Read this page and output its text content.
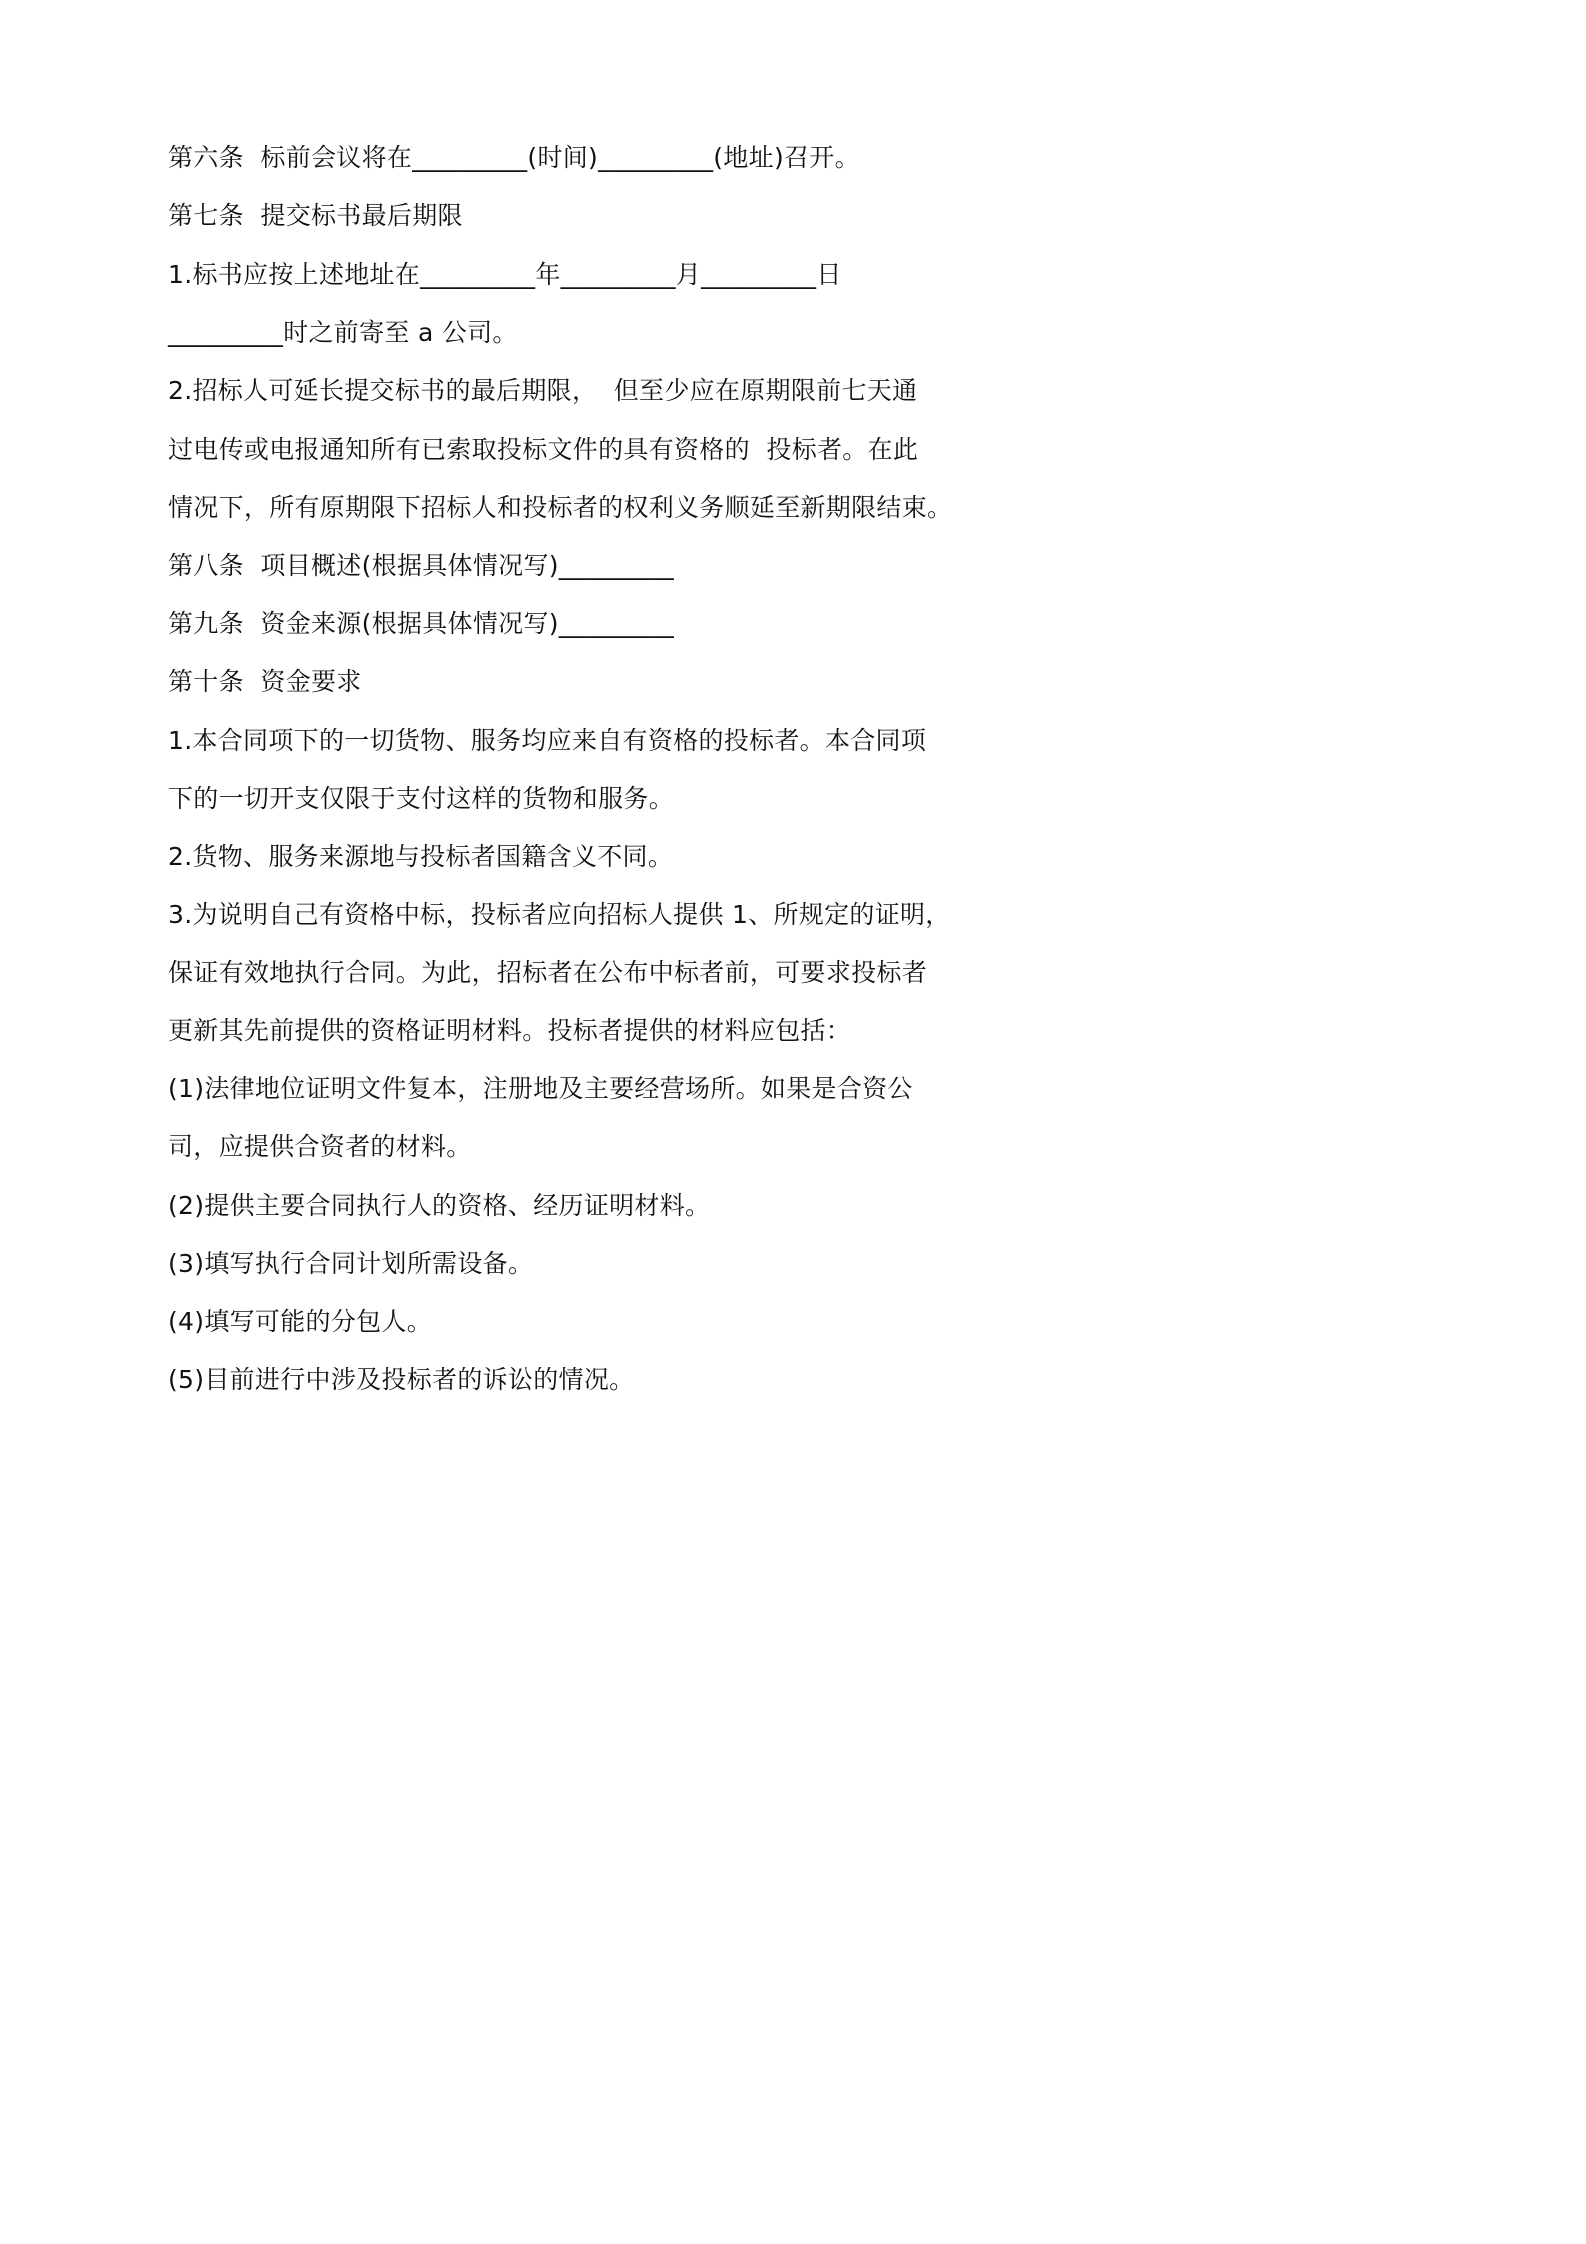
第六条  标前会议将在_________(时间)_________(地址)召开。
第七条  提交标书最后期限
1.标书应按上述地址在_________年_________月_________日
_________时之前寄至 a 公司。
2.招标人可延长提交标书的最后期限，  但至少应在原期限前七天通
过电传或电报通知所有已索取投标文件的具有资格的  投标者。在此
情况下，所有原期限下招标人和投标者的权利义务顺延至新期限结束。
第八条  项目概述(根据具体情况写)_________
第九条  资金来源(根据具体情况写)_________
第十条  资金要求
1.本合同项下的一切货物、服务均应来自有资格的投标者。本合同项
下的一切开支仅限于支付这样的货物和服务。
2.货物、服务来源地与投标者国籍含义不同。
3.为说明自己有资格中标，投标者应向招标人提供 1、所规定的证明，
保证有效地执行合同。为此，招标者在公布中标者前，可要求投标者
更新其先前提供的资格证明材料。投标者提供的材料应包括：
(1)法律地位证明文件复本，注册地及主要经营场所。如果是合资公
司，应提供合资者的材料。
(2)提供主要合同执行人的资格、经历证明材料。
(3)填写执行合同计划所需设备。
(4)填写可能的分包人。
(5)目前进行中涉及投标者的诉讼的情况。
